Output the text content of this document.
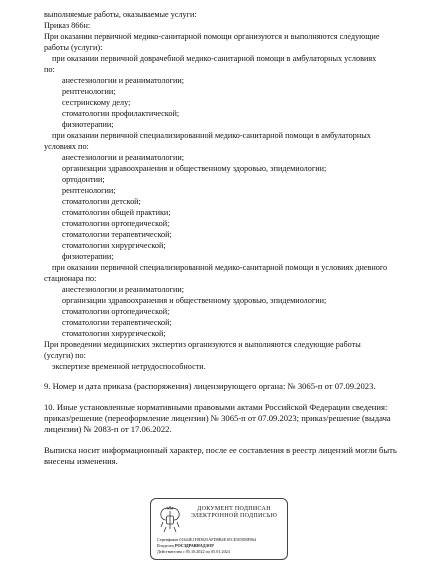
выполняемые работы, оказываемые услуги:
Приказ 866н:
При оказании первичной медико-санитарной помощи организуются и выполняются следующие
работы (услуги):
при оказании первичной доврачебной медико-санитарной помощи в амбулаторных условиях
по:
анестезиологии и реаниматологии;
рентгенологии;
сестринскому делу;
стоматологии профилактической;
физиотерапии;
при оказании первичной специализированной медико-санитарной помощи в амбулаторных
условиях по:
анестезиологии и реаниматологии;
организации здравоохранения и общественному здоровью, эпидемиологии;
ортодонтии;
рентгенологии;
стоматологии детской;
стоматологии общей практики;
стоматологии ортопедической;
стоматологии терапевтической;
стоматологии хирургической;
физиотерапии;
при оказании первичной специализированной медико-санитарной помощи в условиях дневного
стационара по:
анестезиологии и реаниматологии;
организации здравоохранения и общественному здоровью, эпидемиологии;
стоматологии ортопедической;
стоматологии терапевтической;
стоматологии хирургической;
При проведении медицинских экспертиз организуются и выполняются следующие работы
(услуги) по:
экспертизе временной нетрудоспособности.
9. Номер и дата приказа (распоряжения) лицензирующего органа: № 3065-п от 07.09.2023.
10. Иные установленные нормативными правовыми актами Российской Федерации сведения:
приказ/решение (переоформление лицензии) № 3065-п от 07.09.2023; приказ/решение (выдача
лицензии) № 2083-п от 17.06.2022.
Выписка носит информационный характер, после ее составления в реестр лицензий могли быть
внесены изменения.
ДОКУМЕНТ ПОДПИСАН
ЭЛЕКТРОННОЙ ПОДПИСЬЮ
Сертификат 01644E1F0D025AFD8B4E1ECE505D8F064
Владелец РОСЗДРАВНАДЗОР
Действителен с 05.10.2022 по 05.01.2024
